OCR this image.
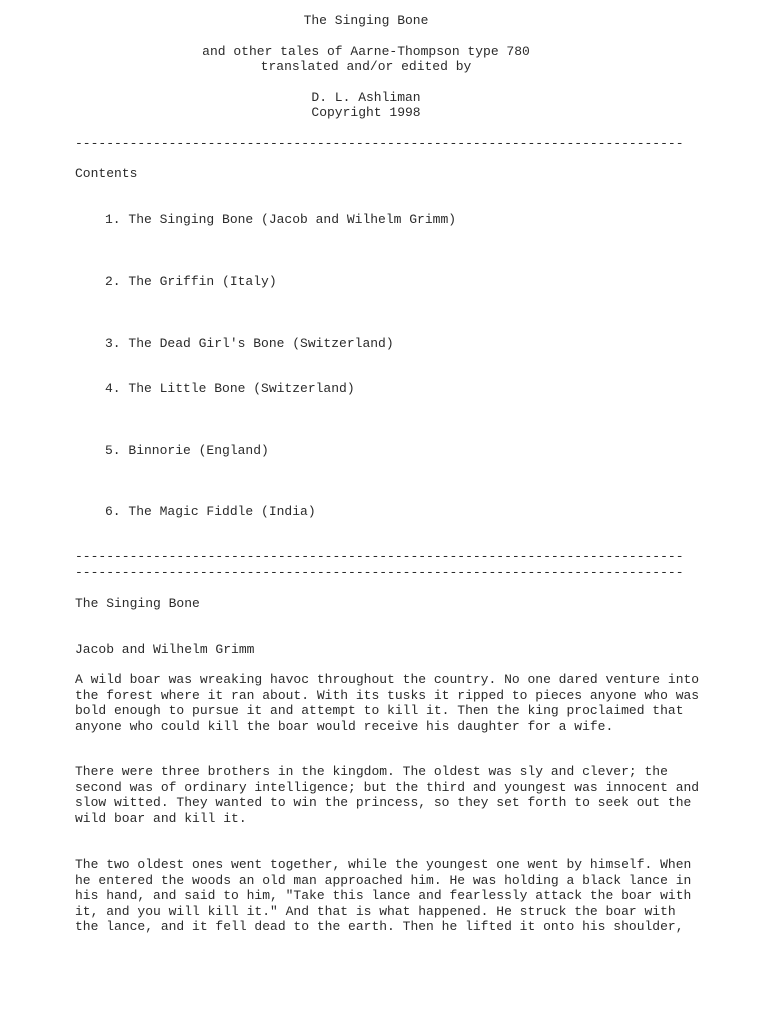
The Singing Bone
and other tales of Aarne-Thompson type 780
translated and/or edited by
D. L. Ashliman
Copyright 1998
------------------------------------------------------------------------------
Contents
1. The Singing Bone (Jacob and Wilhelm Grimm)
2. The Griffin (Italy)
3. The Dead Girl's Bone (Switzerland)
4. The Little Bone (Switzerland)
5. Binnorie (England)
6. The Magic Fiddle (India)
------------------------------------------------------------------------------
------------------------------------------------------------------------------
The Singing Bone
Jacob and Wilhelm Grimm
A wild boar was wreaking havoc throughout the country. No one dared venture into
the forest where it ran about. With its tusks it ripped to pieces anyone who was
bold enough to pursue it and attempt to kill it. Then the king proclaimed that
anyone who could kill the boar would receive his daughter for a wife.
There were three brothers in the kingdom. The oldest was sly and clever; the
second was of ordinary intelligence; but the third and youngest was innocent and
slow witted. They wanted to win the princess, so they set forth to seek out the
wild boar and kill it.
The two oldest ones went together, while the youngest one went by himself. When
he entered the woods an old man approached him. He was holding a black lance in
his hand, and said to him, "Take this lance and fearlessly attack the boar with
it, and you will kill it." And that is what happened. He struck the boar with
the lance, and it fell dead to the earth. Then he lifted it onto his shoulder,
